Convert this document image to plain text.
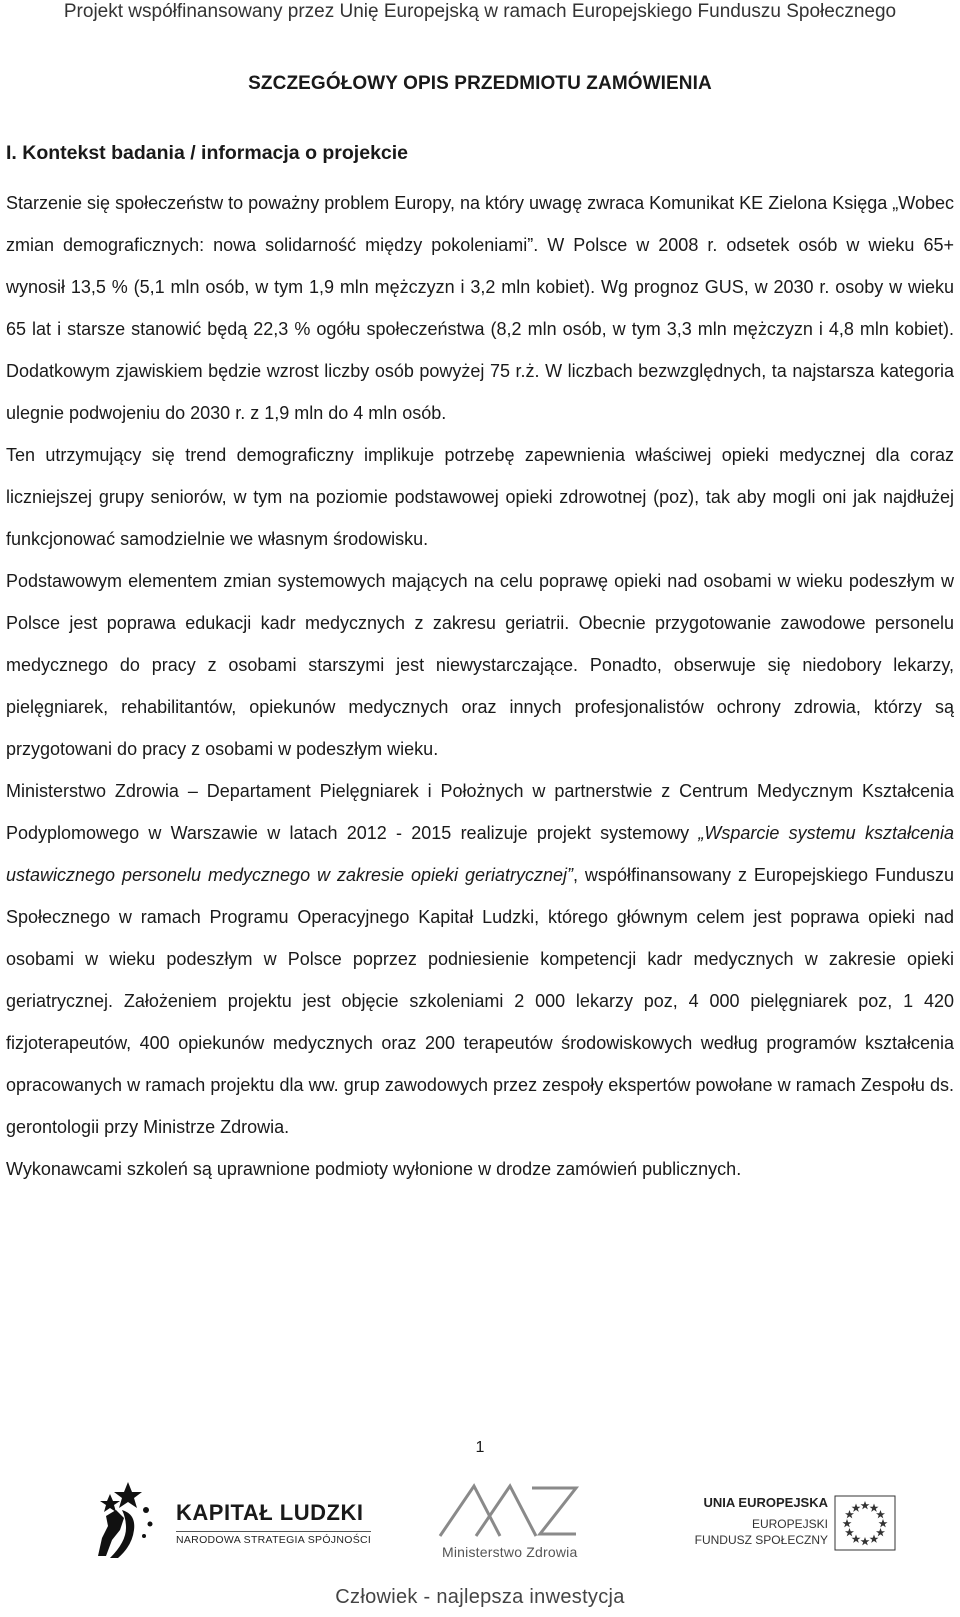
Projekt współfinansowany przez Unię Europejską w ramach Europejskiego Funduszu Społecznego
SZCZEGÓŁOWY OPIS PRZEDMIOTU ZAMÓWIENIA
I. Kontekst badania / informacja o projekcie

Starzenie się społeczeństw to poważny problem Europy, na który uwagę zwraca Komunikat KE Zielona Księga „Wobec zmian demograficznych: nowa solidarność między pokoleniami”. W Polsce w 2008 r. odsetek osób w wieku 65+ wynosił 13,5 % (5,1 mln osób, w tym 1,9 mln mężczyzn i 3,2 mln kobiet). Wg prognoz GUS, w 2030 r. osoby w wieku 65 lat i starsze stanowić będą 22,3 % ogółu społeczeństwa (8,2 mln osób, w tym 3,3 mln mężczyzn i 4,8 mln kobiet). Dodatkowym zjawiskiem będzie wzrost liczby osób powyżej 75 r.ż. W liczbach bezwzględnych, ta najstarsza kategoria ulegnie podwojeniu do 2030 r. z 1,9 mln do 4 mln osób.

Ten utrzymujący się trend demograficzny implikuje potrzebę zapewnienia właściwej opieki medycznej dla coraz liczniejszej grupy seniorów, w tym na poziomie podstawowej opieki zdrowotnej (poz), tak aby mogli oni jak najdłużej funkcjonować samodzielnie we własnym środowisku.

Podstawowym elementem zmian systemowych mających na celu poprawę opieki nad osobami w wieku podeszłym w Polsce jest poprawa edukacji kadr medycznych z zakresu geriatrii. Obecnie przygotowanie zawodowe personelu medycznego do pracy z osobami starszymi jest niewystarczające. Ponadto, obserwuje się niedobory lekarzy, pielęgniarek, rehabilitantów, opiekunów medycznych oraz innych profesjonalistów ochrony zdrowia, którzy są przygotowani do pracy z osobami w podeszłym wieku.

Ministerstwo Zdrowia – Departament Pielęgniarek i Położnych w partnerstwie z Centrum Medycznym Kształcenia Podyplomowego w Warszawie w latach 2012 - 2015 realizuje projekt systemowy „Wsparcie systemu kształcenia ustawicznego personelu medycznego w zakresie opieki geriatrycznej”, współfinansowany z Europejskiego Funduszu Społecznego w ramach Programu Operacyjnego Kapitał Ludzki, którego głównym celem jest poprawa opieki nad osobami w wieku podeszłym w Polsce poprzez podniesienie kompetencji kadr medycznych w zakresie opieki geriatrycznej. Założeniem projektu jest objęcie szkoleniami 2 000 lekarzy poz, 4 000 pielęgniarek poz, 1 420 fizjoterapeutów, 400 opiekunów medycznych oraz 200 terapeutów środowiskowych według programów kształcenia opracowanych w ramach projektu dla ww. grup zawodowych przez zespoły ekspertów powołane w ramach Zespołu ds. gerontologii przy Ministrze Zdrowia.

Wykonawcami szkoleń są uprawnione podmioty wyłonione w drodze zamówień publicznych.

1
KAPITAŁ LUDZKI
NARODOWA STRATEGIA SPÓJNOŚCI
Ministerstwo Zdrowia
UNIA EUROPEJSKA
EUROPEJSKI
FUNDUSZ SPOŁECZNY
Człowiek - najlepsza inwestycja
